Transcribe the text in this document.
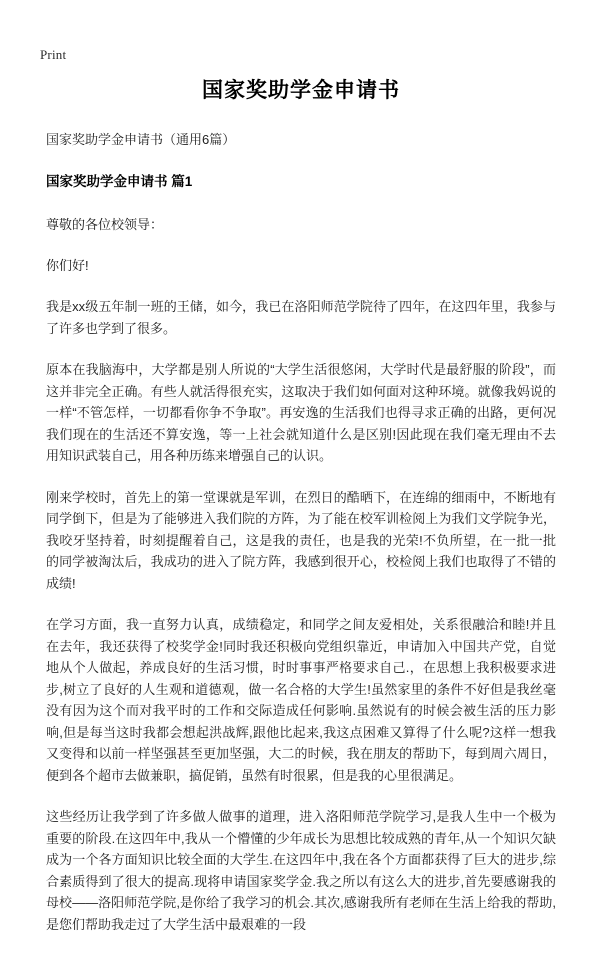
Print
国家奖助学金申请书

国家奖助学金申请书（通用6篇）

国家奖助学金申请书 篇1

尊敬的各位校领导：

你们好!

我是xx级五年制一班的王储，如今，我已在洛阳师范学院待了四年，在这四年里，我参与了许多也学到了很多。

原本在我脑海中，大学都是别人所说的“大学生活很悠闲，大学时代是最舒服的阶段”，而这并非完全正确。有些人就活得很充实，这取决于我们如何面对这种环境。就像我妈说的一样“不管怎样，一切都看你争不争取”。再安逸的生活我们也得寻求正确的出路，更何况我们现在的生活还不算安逸，等一上社会就知道什么是区别!因此现在我们毫无理由不去用知识武装自己，用各种历练来增强自己的认识。

刚来学校时，首先上的第一堂课就是军训，在烈日的酷晒下，在连绵的细雨中，不断地有同学倒下，但是为了能够进入我们院的方阵，为了能在校军训检阅上为我们文学院争光，我咬牙坚持着，时刻提醒着自己，这是我的责任，也是我的光荣!不负所望，在一批一批的同学被淘汰后，我成功的进入了院方阵，我感到很开心，校检阅上我们也取得了不错的成绩!

在学习方面，我一直努力认真，成绩稳定，和同学之间友爱相处，关系很融洽和睦!并且在去年，我还获得了校奖学金!同时我还积极向党组织靠近，申请加入中国共产党，自觉地从个人做起，养成良好的生活习惯，时时事事严格要求自己.，在思想上我积极要求进步,树立了良好的人生观和道德观，做一名合格的大学生!虽然家里的条件不好但是我丝毫没有因为这个而对我平时的工作和交际造成任何影响.虽然说有的时候会被生活的压力影响,但是每当这时我都会想起洪战辉,跟他比起来,我这点困难又算得了什么呢?这样一想我又变得和以前一样坚强甚至更加坚强，大二的时候，我在朋友的帮助下，每到周六周日，便到各个超市去做兼职，搞促销，虽然有时很累，但是我的心里很满足。

这些经历让我学到了许多做人做事的道理，进入洛阳师范学院学习,是我人生中一个极为重要的阶段.在这四年中,我从一个懵懂的少年成长为思想比较成熟的青年,从一个知识欠缺成为一个各方面知识比较全面的大学生.在这四年中,我在各个方面都获得了巨大的进步,综合素质得到了很大的提高.现将申请国家奖学金.我之所以有这么大的进步,首先要感谢我的母校——洛阳师范学院,是你给了我学习的机会.其次,感谢我所有老师在生活上给我的帮助,是您们帮助我走过了大学生活中最艰难的一段
